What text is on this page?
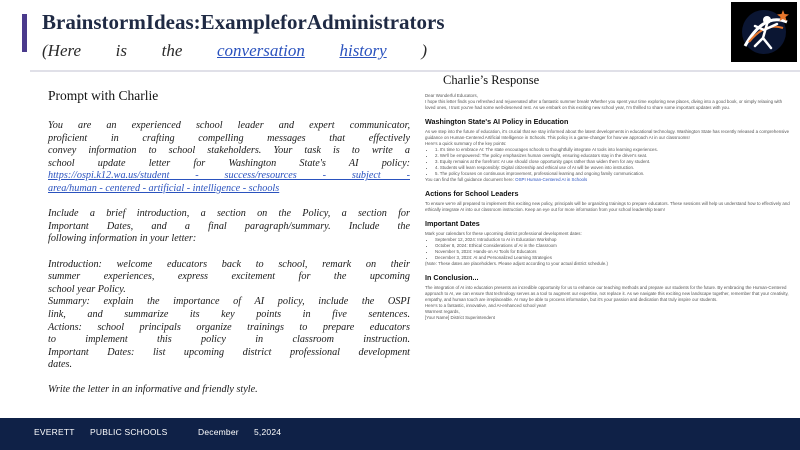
Brainstorm Ideas: Example for Administrators
(Here is the conversation history )
Prompt with Charlie

You are an experienced school leader and expert communicator,
proficient in crafting compelling messages that effectively
convey information to school stakeholders. Your task is to write a
school update letter for Washington State's AI policy:
https://ospi.k12.wa.us/student - success/resources - subject -
area/human - centered - artificial - intelligence - schools

Include a brief introduction, a section on the Policy, a section for
Important Dates, and a final paragraph/summary. Include the
following information in your letter:

Introduction: welcome educators back to school, remark on their
summer experiences, express excitement for the upcoming
school year Policy.
Summary: explain the importance of AI policy, include the OSPI
link, and summarize its key points in five sentences.
Actions: school principals organize trainings to prepare educators
to implement this policy in classroom instruction.
Important Dates: list upcoming district professional development
dates.

Write the letter in an informative and friendly style.

Charlie’s Response
Dear Wonderful Educators,
I hope this letter finds you refreshed and rejuvenated after a fantastic summer break! Whether you spent your time exploring new places, diving into a good book, or simply relaxing with loved ones, I trust you've had some well-deserved rest. As we embark on this exciting new school year, I'm thrilled to share some important updates with you.
Washington State's AI Policy in Education
As we step into the future of education, it's crucial that we stay informed about the latest developments in educational technology. Washington State has recently released a comprehensive guidance on Human-Centered Artificial Intelligence in Schools. This policy is a game-changer for how we approach AI in our classrooms!
Here's a quick summary of the key points:
• 1. It's time to embrace AI: The state encourages schools to thoughtfully integrate AI tools into learning experiences.
• 2. We'll be empowered: The policy emphasizes human oversight, ensuring educators stay in the driver's seat.
• 3. Equity remains at the forefront: AI use should close opportunity gaps rather than widen them for any student.
• 4. Students will learn responsibly: Digital citizenship and ethical use of AI will be woven into instruction.
• 5. The policy focuses on continuous improvement, professional learning and ongoing family communication.
You can find the full guidance document here: OSPI Human-Centered AI in Schools
Actions for School Leaders
To ensure we're all prepared to implement this exciting new policy, principals will be organizing trainings to prepare educators. These sessions will help us understand how to effectively and ethically integrate AI into our classroom instruction. Keep an eye out for more information from your school leadership team!
Important Dates
Mark your calendars for these upcoming district professional development dates:
• September 12, 2024: Introduction to AI in Education Workshop
• October 8, 2024: Ethical Considerations of AI in the Classroom
• November 5, 2024: Hands-on AI Tools for Educators
• December 3, 2024: AI and Personalized Learning Strategies
(Note: These dates are placeholders. Please adjust according to your actual district schedule.)
In Conclusion...
The integration of AI into education presents an incredible opportunity for us to enhance our teaching methods and prepare our students for the future. By embracing the Human-Centered approach to AI, we can ensure that technology serves as a tool to augment our expertise, not replace it. As we navigate this exciting new landscape together, remember that your creativity, empathy, and human touch are irreplaceable. AI may be able to process information, but it's your passion and dedication that truly inspire our students.
Here's to a fantastic, innovative, and AI-enhanced school year!
Warmest regards,
[Your Name] District Superintendent
EVERETT PUBLIC SCHOOLS	December 5,2024
